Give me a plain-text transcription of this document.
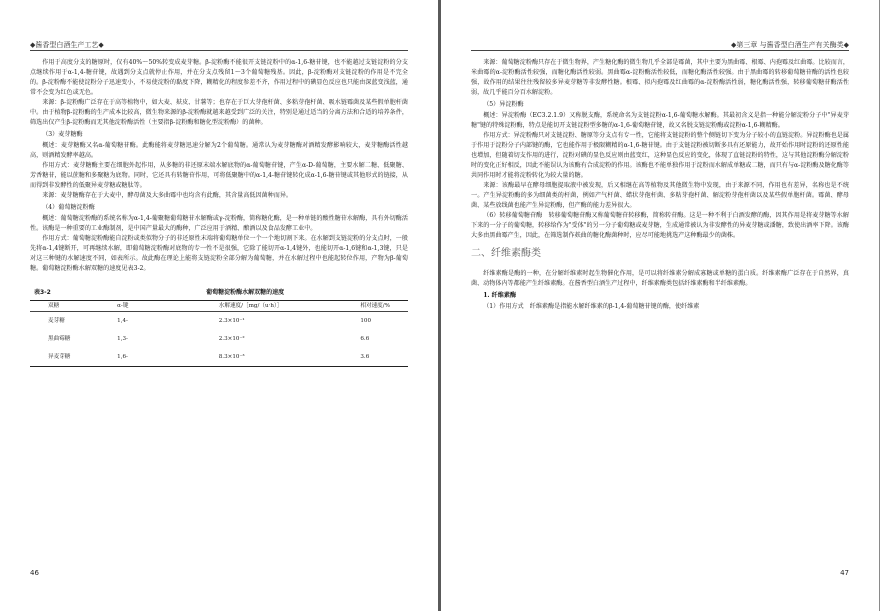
◆酱香型白酒生产工艺◆

作用于高度分支的糖原时，仅有40%～50%转变成麦芽糖。β-淀粉酶不能很开支链淀粉中的α-1,6-糖苷键，也不能越过支链淀粉的分支点继续作用于α-1,4-糖苷键，故遇到分支点就停止作用，并在分支点残留1～3个葡萄糖残基。因此，β-淀粉酶对支链淀粉的作用是不完全的。β-淀粉酶不能使淀粉分子迅速变小，不易使淀粉的黏度下降，糊精化的程度参差不齐，作用过程中的碘显色反应也只能由深蓝变浅蓝，通常不会变为红色或无色。

来源：β-淀粉酶广泛存在于高等植物中，如大麦、麸皮、甘薯等；也存在于巨大芽孢杆菌、多粘芽孢杆菌、吸水链霉菌及某些假单胞杆菌中。由于植物β-淀粉酶的生产成本比较高，微生物来源的β-淀粉酶就越来越受到广泛的关注，特别是通过适当的分离方法和合适的培养条件，筛选出仅产生β-淀粉酶而无其他淀粉酶活性（主要指β-淀粉酶和糖化型淀粉酶）的菌种。

（3）麦芽糖酶

概述：麦芽糖酶又名α-葡萄糖苷酶。此酶能将麦芽糖迅速分解为2个葡萄糖。通常认为麦芽糖酶对酒精发酵影响较大，麦芽糖酶活性越高，则酒精发酵率越高。

作用方式：麦芽糖酶主要在细胞外起作用，从多糖的非还原末端水解底物的α-葡萄糖苷键，产生α-D-葡萄糖，主要水解二糖、低聚糖、芳香糖苷，能以蔗糖和多聚糖为底物。同时，它还具有转糖苷作用，可将低聚糖中的α-1,4-糖苷键转化成α-1,6-糖苷键或其他形式的链接，从而得到非发酵性的低聚异麦芽糖或糖肽等。

来源：麦芽糖酶存在于大麦中，酵母菌及大多曲霉中也均含有此酶，其含量高低因菌种而异。

（4）葡萄糖淀粉酶

概述：葡萄糖淀粉酶的系统名称为α-1,4-葡聚糖葡萄糖苷水解酶或γ-淀粉酶，简称糖化酶，是一种单链的酸性糖苷水解酶，具有外切酶活性。该酶是一种重要的工业酶制剂，是中国产量最大的酶种，广泛应用于酒精、酿酒以及食品发酵工业中。

作用方式：葡萄糖淀粉酶能自淀粉或类似物分子的非还原性末端将葡萄糖单位一个一个地切割下来。在水解到支链淀粉的分支点时，一般先将α-1,4键断开，可再继续水解，即葡萄糖淀粉酶对底物的专一性不是很强，它除了能切开α-1,4键外，也能切开α-1,6键和α-1,3键，只是对这三种键的水解速度不同，如表所示。故此酶在理论上能将支链淀粉全部分解为葡萄糖，并在水解过程中也能起转位作用，产物为β-葡萄糖。葡萄糖淀粉酶水解双糖的速度见表3-2。

表3-2	葡萄糖淀粉酶水解双糖的速度
双糖	α-键	水解速度/［mg/（u·h）］	相对速度/%
麦芽糖	1,4-	2.3×10⁻¹	100
黑曲霉糖	1,3-	2.3×10⁻²	6.6
异麦芽糖	1,6-	8.3×10⁻³	3.6
46
◆第三章 与酱香型白酒生产有关酶类◆

来源：葡萄糖淀粉酶只存在于微生物界，产生糖化酶的微生物几乎全部是霉菌，其中主要为黑曲霉、根霉、内孢霉及红曲霉。比较而言，米曲霉的α-淀粉酶活性较强，而糖化酶活性较弱。黑曲霉α-淀粉酶活性较低，而糖化酶活性较强。由于黑曲霉的转移葡萄糖苷酶的活性也较强，故作用的结果往往残留较多异麦芽糖等非发酵性糖。根霉、拟内孢霉及红曲霉的α-淀粉酶活性弱，糖化酶活性强，转移葡萄糖苷酶活性弱，故几乎能百分百水解淀粉。

（5）异淀粉酶

概述：异淀粉酶（EC3.2.1.9）又称脱支酶，系统命名为支链淀粉α-1,6-葡萄糖水解酶。其最初含义是指一种能分解淀粉分子中"异麦芽糖"键的特殊淀粉酶，特点是能切开支链淀粉型多糖的α-1,6-葡萄糖苷键，故又名脱支链淀粉酶或淀粉α-1,6-糊精酶。

作用方式：异淀粉酶只对支链淀粉、糖原等分支点有专一性，它能将支链淀粉的整个侧链切下变为分子较小的直链淀粉。异淀粉酶也是属于作用于淀粉分子内部键的酶，它也能作用于极限糊精的α-1,6-糖苷键。由于支链淀粉被切断多具有还原能力，故开始作用时淀粉的还原性能也增加，但随着切支作用的进行，淀粉对碘的显色反应则由蓝变红，这种显色反应的变化，体现了直链淀粉的特性，这与其他淀粉酶分解淀粉时的变化正好相反，因此不能误认为该酶有合成淀粉的作用。该酶也不能单独作用于淀粉而水解成单糖或二糖，而只有与α-淀粉酶及糖化酶等共同作用时才能将淀粉转化为较大量的糖。

来源：该酶最早在酵母细胞提取液中被发现，后又相继在高等植物及其他微生物中发现，由于来源不同，作用也有差异，名称也是不统一。产生异淀粉酶的多为细菌类的杆菌，例如产气杆菌、蜡状芽孢杆菌、多粘芽孢杆菌、解淀粉芽孢杆菌以及某些假单胞杆菌。霉菌、酵母菌、某些放线菌也能产生异淀粉酶，但产酶的能力差异很大。

（6）转移葡萄糖苷酶　转移葡萄糖苷酶又称葡萄糖苷转移酶，简称转苷酶。这是一种不利于白酒发酵的酶，因其作用是将麦芽糖等水解下来的一分子的葡萄糖，转移给作为"受体"的另一分子葡萄糖或麦芽糖，生成通常被认为非发酵性的异麦芽糖或潘糖，致使出酒率下降。该酶大多由黑曲霉产生，因此，在筛选制作麸曲的糖化酶菌种时，应尽可能地挑选产这种酶最少的菌株。

二、纤维素酶类

纤维素酶是酶的一种，在分解纤维素时起生物催化作用，是可以将纤维素分解成寡糖或单糖的蛋白质。纤维素酶广泛存在于自然界，真菌、动物体内等都能产生纤维素酶。在酱香型白酒生产过程中，纤维素酶类包括纤维素酶和半纤维素酶。

1. 纤维素酶

（1）作用方式　纤维素酶是指能水解纤维素的β-1,4-葡萄糖苷键的酶，使纤维素

47
